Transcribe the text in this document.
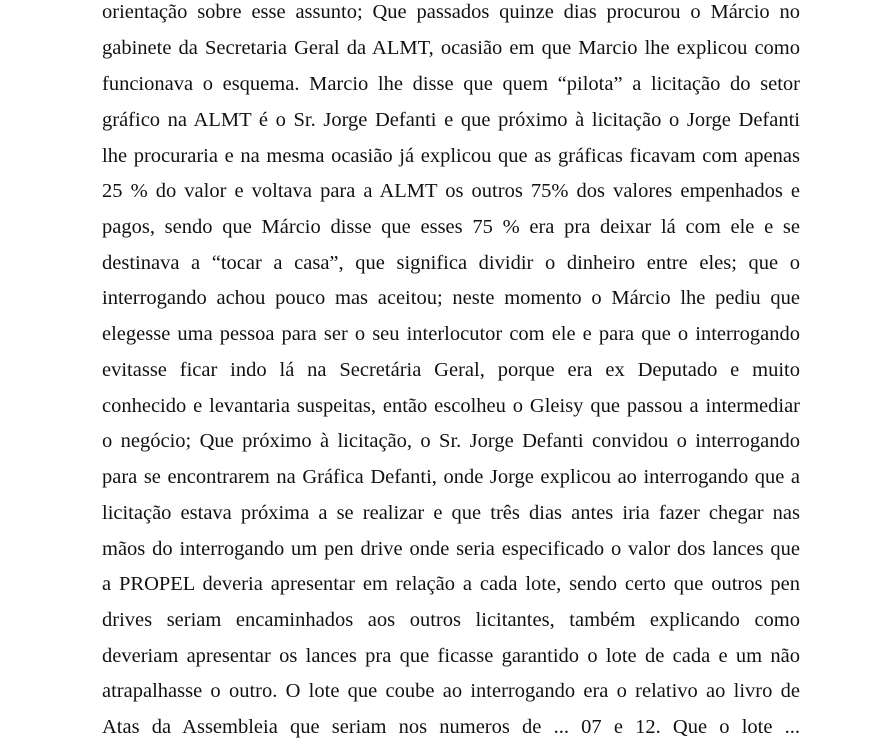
orientação sobre esse assunto; Que passados quinze dias procurou o Márcio no
gabinete da Secretaria Geral da ALMT, ocasião em que Marcio lhe explicou como
funcionava o esquema. Marcio lhe disse que quem “pilota” a licitação do setor
gráfico na ALMT é o Sr. Jorge Defanti e que próximo à licitação o Jorge Defanti
lhe procuraria e na mesma ocasião já explicou que as gráficas ficavam com apenas
25 % do valor e voltava para a ALMT os outros 75% dos valores empenhados e
pagos, sendo que Márcio disse que esses 75 % era pra deixar lá com ele e se
destinava a “tocar a casa”, que significa dividir o dinheiro entre eles; que o
interrogando achou pouco mas aceitou; neste momento o Márcio lhe pediu que
elegesse uma pessoa para ser o seu interlocutor com ele e para que o interrogando
evitasse ficar indo lá na Secretária Geral, porque era ex Deputado e muito
conhecido e levantaria suspeitas, então escolheu o Gleisy que passou a intermediar
o negócio; Que próximo à licitação, o Sr. Jorge Defanti convidou o interrogando
para se encontrarem na Gráfica Defanti, onde Jorge explicou ao interrogando que a
licitação estava próxima a se realizar e que três dias antes iria fazer chegar nas
mãos do interrogando um pen drive onde seria especificado o valor dos lances que
a PROPEL deveria apresentar em relação a cada lote, sendo certo que outros pen
drives seriam encaminhados aos outros licitantes, também explicando como
deveriam apresentar os lances pra que ficasse garantido o lote de cada e um não
atrapalhasse o outro. O lote que coube ao interrogando era o relativo ao livro de
Atas da Assembleia que seriam nos numeros de ... 07 e 12. Que o lote ...
